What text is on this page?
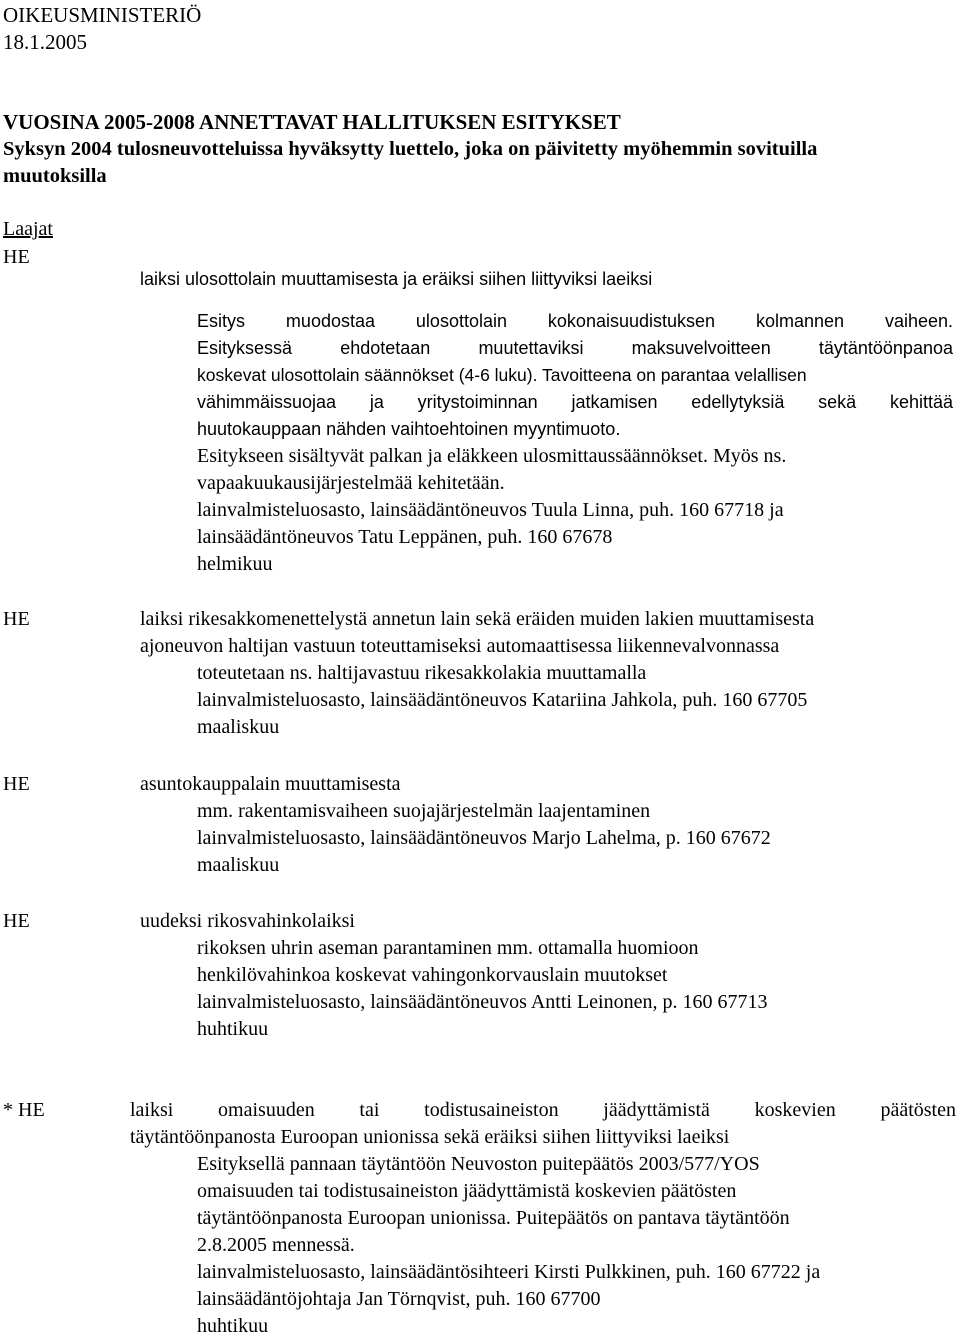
OIKEUSMINISTERIÖ
18.1.2005
VUOSINA 2005-2008 ANNETTAVAT HALLITUKSEN ESITYKSET
Syksyn 2004 tulosneuvotteluissa hyväksytty luettelo, joka on päivitetty myöhemmin sovituilla
muutoksilla
Laajat
HE
laiksi ulosottolain muuttamisesta ja eräiksi siihen liittyviksi laeiksi
Esitys muodostaa ulosottolain kokonaisuudistuksen kolmannen vaiheen.
Esityksessä ehdotetaan muutettaviksi maksuvelvoitteen täytäntöönpanoa
koskevat ulosottolain säännökset (4-6 luku). Tavoitteena on parantaa velallisen
vähimmäissuojaa ja yritystoiminnan jatkamisen edellytyksiä sekä kehittää
huutokauppaan nähden vaihtoehtoinen myyntimuoto.
Esitykseen sisältyvät palkan ja eläkkeen ulosmittaussäännökset. Myös ns.
vapaakuukausijärjestelmää kehitetään.
lainvalmisteluosasto, lainsäädäntöneuvos Tuula Linna, puh. 160 67718 ja
lainsäädäntöneuvos Tatu Leppänen, puh. 160 67678
helmikuu
HE	laiksi rikesakkomenettelystä annetun lain sekä eräiden muiden lakien muuttamisesta
ajoneuvon haltijan vastuun toteuttamiseksi automaattisessa liikennevalvonnassa
toteutetaan ns. haltijavastuu rikesakkolakia muuttamalla
lainvalmisteluosasto, lainsäädäntöneuvos Katariina Jahkola, puh. 160 67705
maaliskuu
HE	asuntokauppalain muuttamisesta
mm. rakentamisvaiheen suojajärjestelmän laajentaminen
lainvalmisteluosasto, lainsäädäntöneuvos Marjo Lahelma, p. 160 67672
maaliskuu
HE	uudeksi rikosvahinkolaiksi
rikoksen uhrin aseman parantaminen mm. ottamalla huomioon
henkilövahinkoa koskevat vahingonkorvauslain muutokset
lainvalmisteluosasto, lainsäädäntöneuvos Antti Leinonen, p. 160 67713
huhtikuu
* HE	laiksi omaisuuden tai todistusaineiston jäädyttämistä koskevien päätösten
täytäntöönpanosta Euroopan unionissa sekä eräiksi siihen liittyviksi laeiksi
Esityksellä pannaan täytäntöön Neuvoston puitepäätös 2003/577/YOS
omaisuuden tai todistusaineiston jäädyttämistä koskevien päätösten
täytäntöönpanosta Euroopan unionissa. Puitepäätös on pantava täytäntöön
2.8.2005 mennessä.
lainvalmisteluosasto, lainsäädäntösihteeri Kirsti Pulkkinen, puh. 160 67722 ja
lainsäädäntöjohtaja Jan Törnqvist, puh. 160 67700
huhtikuu
